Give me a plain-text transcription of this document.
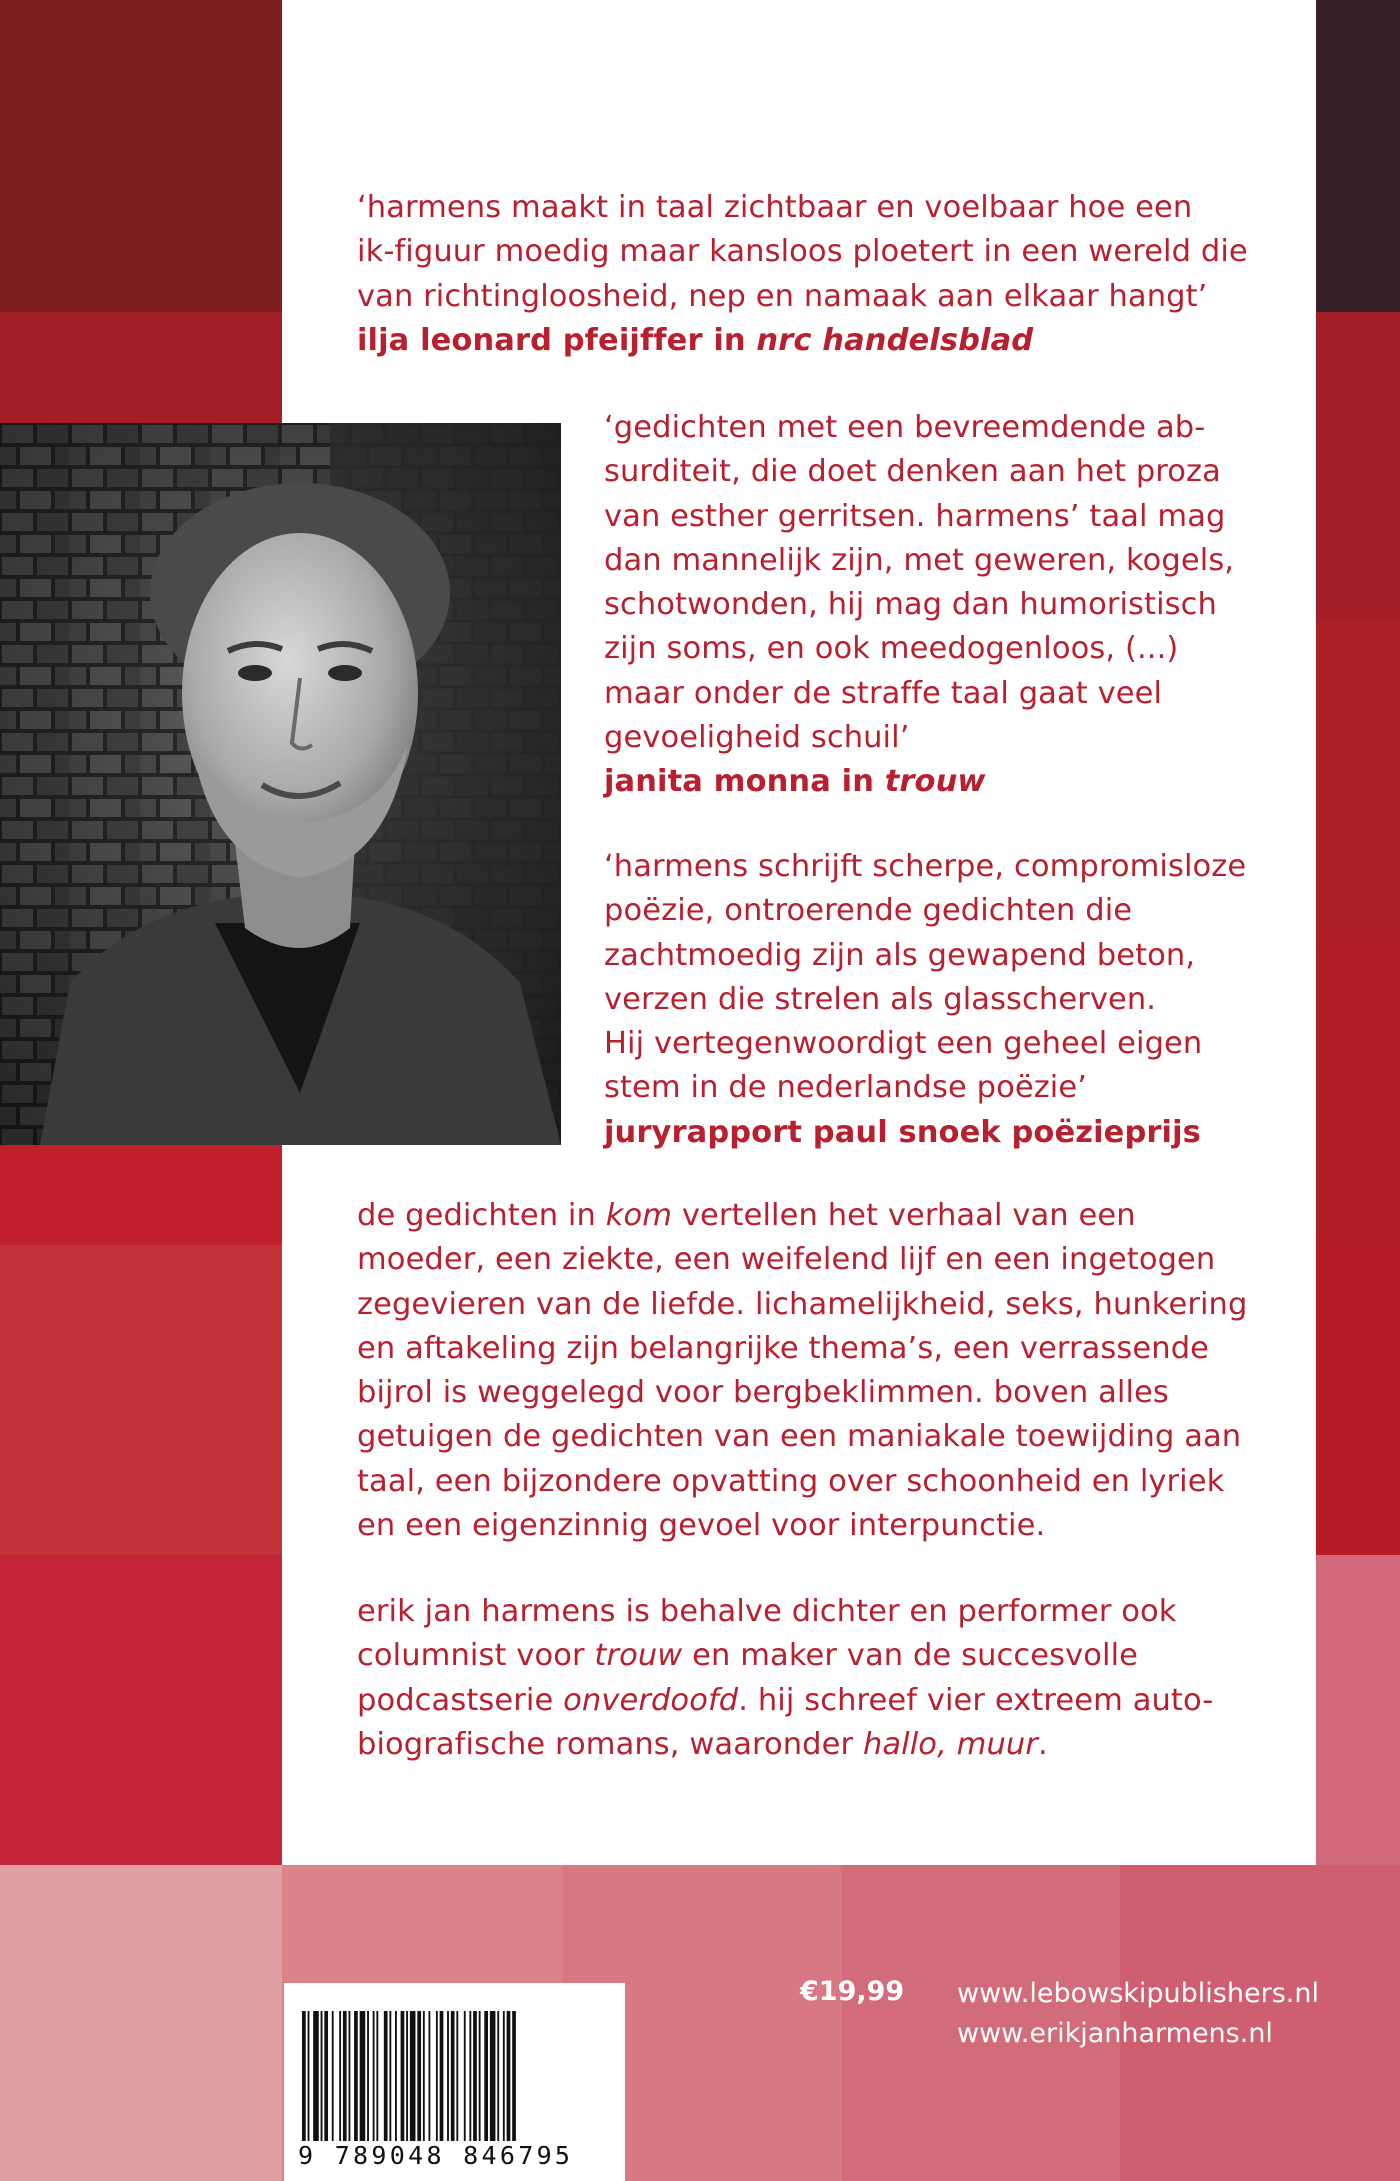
‘harmens maakt in taal zichtbaar en voelbaar hoe een

ik-figuur moedig maar kansloos ploetert in een wereld die

van richtingloosheid, nep en namaak aan elkaar hangt’

ilja leonard pfeijffer in nrc handelsblad

‘gedichten met een bevreemdende ab-

surditeit, die doet denken aan het proza

van esther gerritsen. harmens’ taal mag

dan mannelijk zijn, met geweren, kogels,

schotwonden, hij mag dan humoristisch

zijn soms, en ook meedogenloos, (...)

maar onder de straffe taal gaat veel

gevoeligheid schuil’

janita monna in trouw

‘harmens schrijft scherpe, compromisloze

poëzie, ontroerende gedichten die

zachtmoedig zijn als gewapend beton,

verzen die strelen als glasscherven.

Hij vertegenwoordigt een geheel eigen

stem in de nederlandse poëzie’

juryrapport paul snoek poëzieprijs

de gedichten in kom vertellen het verhaal van een

moeder, een ziekte, een weifelend lijf en een ingetogen

zegevieren van de liefde. lichamelijkheid, seks, hunkering

en aftakeling zijn belangrijke thema’s, een verrassende

bijrol is weggelegd voor bergbeklimmen. boven alles

getuigen de gedichten van een maniakale toewijding aan

taal, een bijzondere opvatting over schoonheid en lyriek

en een eigenzinnig gevoel voor interpunctie.

erik jan harmens is behalve dichter en performer ook

columnist voor trouw en maker van de succesvolle

podcastserie onverdoofd. hij schreef vier extreem auto-

biografische romans, waaronder hallo, muur.

9 789048 846795
€19,99 www.lebowskipublishers.nl
www.erikjanharmens.nl
